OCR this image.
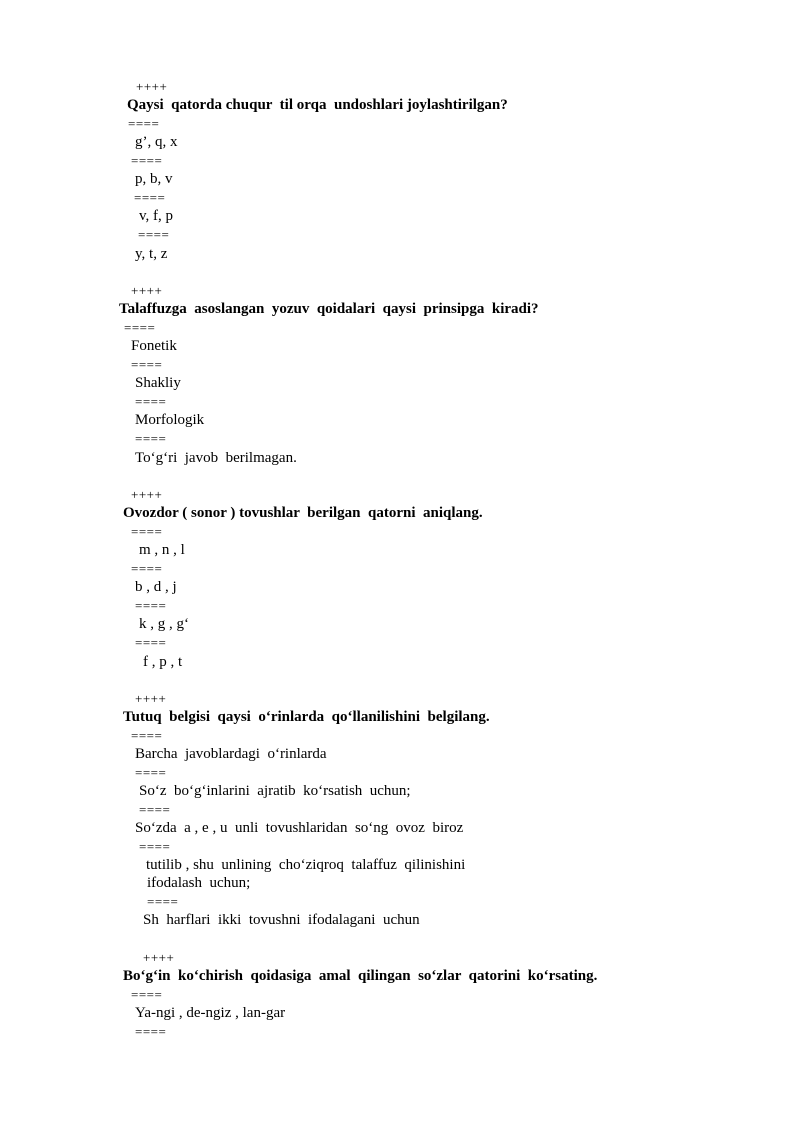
++++
Qaysi  qatorda chuqur  til orqa  undoshlari joylashtirilgan?
====
g’, q, x
====
p, b, v
====
v, f, p
====
y, t, z
++++
Talaffuzga  asoslangan  yozuv  qoidalari  qaysi  prinsipga  kiradi?
====
Fonetik
====
Shakliy
====
Morfologik
====
To‘g‘ri  javob  berilmagan.
++++
Ovozdor ( sonor ) tovushlar  berilgan  qatorni  aniqlang.
====
m , n , l
====
b , d , j
====
k , g , g‘
====
f , p , t
++++
Tutuq  belgisi  qaysi  o‘rinlarda  qo‘llanilishini  belgilang.
====
Barcha  javoblardagi  o‘rinlarda
====
So‘z  bo‘g‘inlarini  ajratib  ko‘rsatish  uchun;
====
So‘zda  a , e , u  unli  tovushlaridan  so‘ng  ovoz  biroz
====
tutilib , shu  unlining  cho‘ziqroq  talaffuz  qilinishini
ifodalash  uchun;
====
Sh  harflari  ikki  tovushni  ifodalagani  uchun
++++
Bo‘g‘in  ko‘chirish  qoidasiga  amal  qilingan  so‘zlar  qatorini  ko‘rsating.
====
Ya-ngi , de-ngiz , lan-gar
====
